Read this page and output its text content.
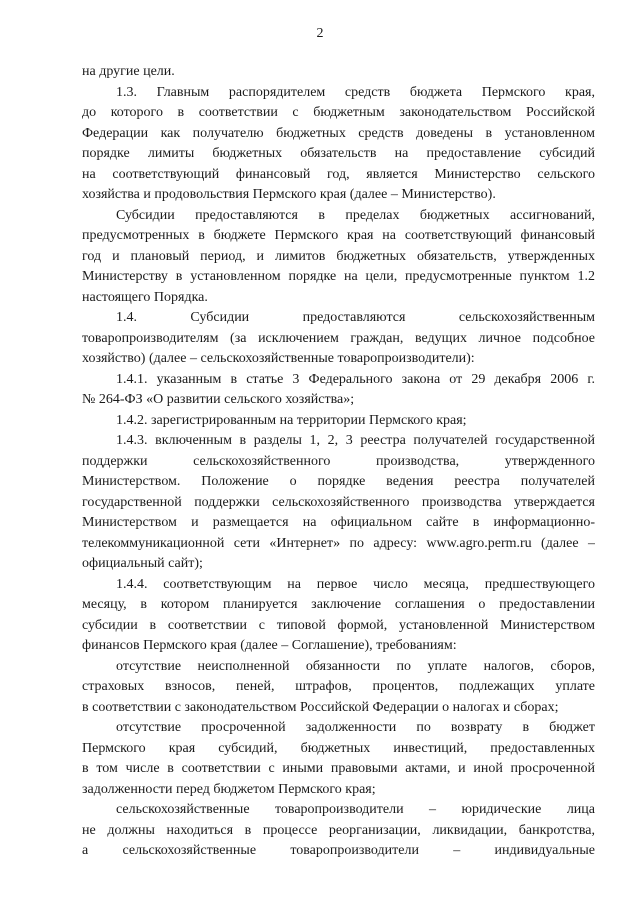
2
на другие цели.
1.3. Главным распорядителем средств бюджета Пермского края,
до которого в соответствии с бюджетным законодательством Российской
Федерации как получателю бюджетных средств доведены в установленном
порядке лимиты бюджетных обязательств на предоставление субсидий
на соответствующий финансовый год, является Министерство сельского
хозяйства и продовольствия Пермского края (далее – Министерство).
Субсидии предоставляются в пределах бюджетных ассигнований,
предусмотренных в бюджете Пермского края на соответствующий финансовый
год и плановый период, и лимитов бюджетных обязательств, утвержденных
Министерству в установленном порядке на цели, предусмотренные пунктом 1.2
настоящего Порядка.
1.4. Субсидии предоставляются сельскохозяйственным
товаропроизводителям (за исключением граждан, ведущих личное подсобное
хозяйство) (далее – сельскохозяйственные товаропроизводители):
1.4.1. указанным в статье 3 Федерального закона от 29 декабря 2006 г.
№ 264-ФЗ «О развитии сельского хозяйства»;
1.4.2. зарегистрированным на территории Пермского края;
1.4.3. включенным в разделы 1, 2, 3 реестра получателей государственной
поддержки сельскохозяйственного производства, утвержденного
Министерством. Положение о порядке ведения реестра получателей
государственной поддержки сельскохозяйственного производства утверждается
Министерством и размещается на официальном сайте в информационно-
телекоммуникационной сети «Интернет» по адресу: www.agro.perm.ru (далее –
официальный сайт);
1.4.4. соответствующим на первое число месяца, предшествующего
месяцу, в котором планируется заключение соглашения о предоставлении
субсидии в соответствии с типовой формой, установленной Министерством
финансов Пермского края (далее – Соглашение), требованиям:
отсутствие неисполненной обязанности по уплате налогов, сборов,
страховых взносов, пеней, штрафов, процентов, подлежащих уплате
в соответствии с законодательством Российской Федерации о налогах и сборах;
отсутствие просроченной задолженности по возврату в бюджет
Пермского края субсидий, бюджетных инвестиций, предоставленных
в том числе в соответствии с иными правовыми актами, и иной просроченной
задолженности перед бюджетом Пермского края;
сельскохозяйственные товаропроизводители – юридические лица
не должны находиться в процессе реорганизации, ликвидации, банкротства,
а сельскохозяйственные товаропроизводители – индивидуальные
